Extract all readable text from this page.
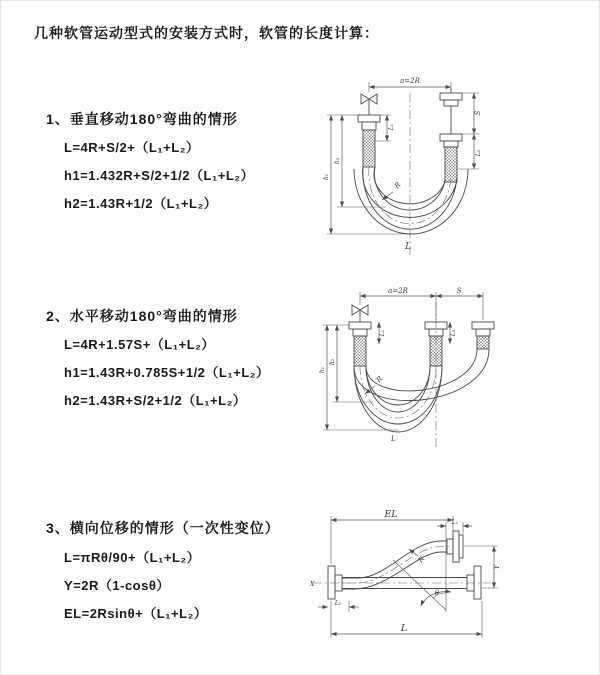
几种软管运动型式的安装方式时，软管的长度计算：
1、垂直移动180°弯曲的情形
L=4R+S/2+（L₁+L₂）
h1=1.432R+S/2+1/2（L₁+L₂）
h2=1.43R+1/2（L₁+L₂）
2、水平移动180°弯曲的情形
L=4R+1.57S+（L₁+L₂）
h1=1.43R+0.785S+1/2（L₁+L₂）
h2=1.43R+S/2+1/2（L₁+L₂）
3、横向位移的情形（一次性变位）
L=πRθ/90+（L₁+L₂）
Y=2R（1-cosθ）
EL=2Rsinθ+（L₁+L₂）
a=2R
L₁
S
L₂
h₁
h₂
R
L
a=2R	S
L₁	L₂
h₁
h₂
R
L
EL
L₁
θ
R
Y
L
L₂
X
